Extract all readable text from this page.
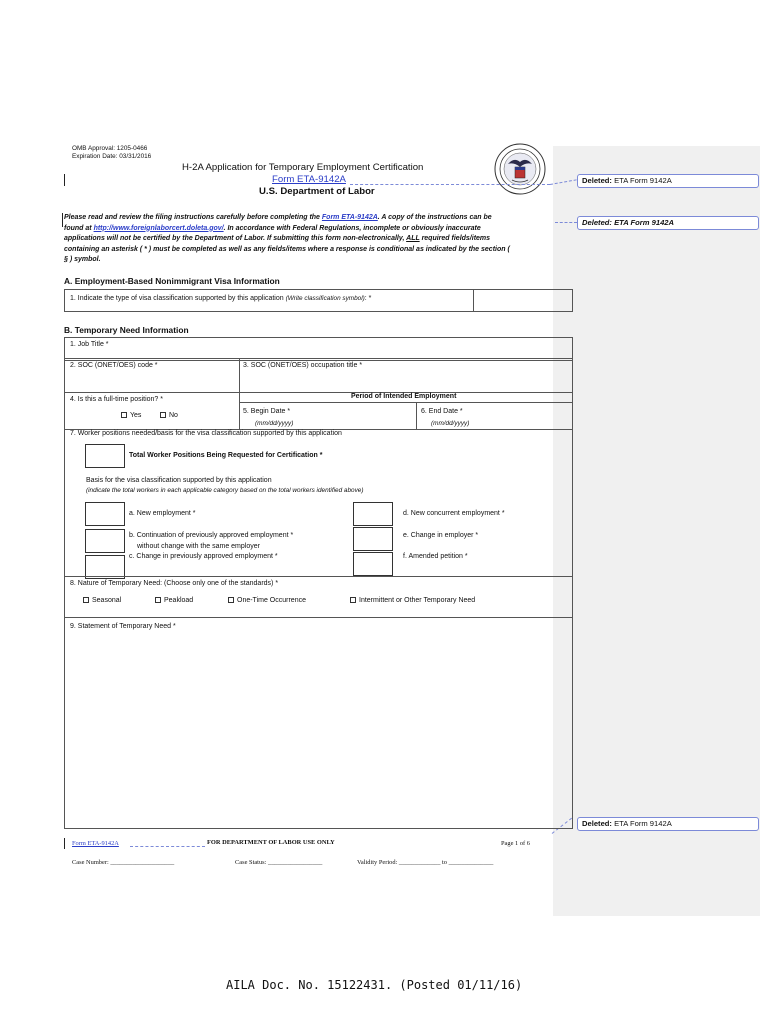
OMB Approval: 1205-0466
Expiration Date: 03/31/2016
H-2A Application for Temporary Employment Certification
Form ETA-9142A
U.S. Department of Labor
Deleted: ETA Form 9142A
Deleted: ETA Form 9142A
Deleted: ETA Form 9142A
Please read and review the filing instructions carefully before completing the Form ETA-9142A. A copy of the instructions can be
found at http://www.foreignlaborcert.doleta.gov/. In accordance with Federal Regulations, incomplete or obviously inaccurate
applications will not be certified by the Department of Labor. If submitting this form non-electronically, ALL required fields/items
containing an asterisk ( * ) must be completed as well as any fields/items where a response is conditional as indicated by the section (
§ ) symbol.
A. Employment-Based Nonimmigrant Visa Information
1. Indicate the type of visa classification supported by this application (Write classification symbol): *
B. Temporary Need Information
1. Job Title *
2. SOC (ONET/OES) code *	3. SOC (ONET/OES) occupation title *
4. Is this a full-time position? *
Yes	No
Period of Intended Employment
5. Begin Date *
(mm/dd/yyyy)
6. End Date *
(mm/dd/yyyy)
7. Worker positions needed/basis for the visa classification supported by this application
Total Worker Positions Being Requested for Certification *
Basis for the visa classification supported by this application
(indicate the total workers in each applicable category based on the total workers identified above)
a. New employment *
b. Continuation of previously approved employment *
without change with the same employer
c. Change in previously approved employment *
d. New concurrent employment *
e. Change in employer *
f. Amended petition *
8. Nature of Temporary Need: (Choose only one of the standards) *
Seasonal	Peakload	One-Time Occurrence	Intermittent or Other Temporary Need
9. Statement of Temporary Need *
Form ETA-9142A	FOR DEPARTMENT OF LABOR USE ONLY	Page 1 of 6
Case Number: ____________________	Case Status: _________________	Validity Period: _____________ to ______________
AILA Doc. No. 15122431. (Posted 01/11/16)
